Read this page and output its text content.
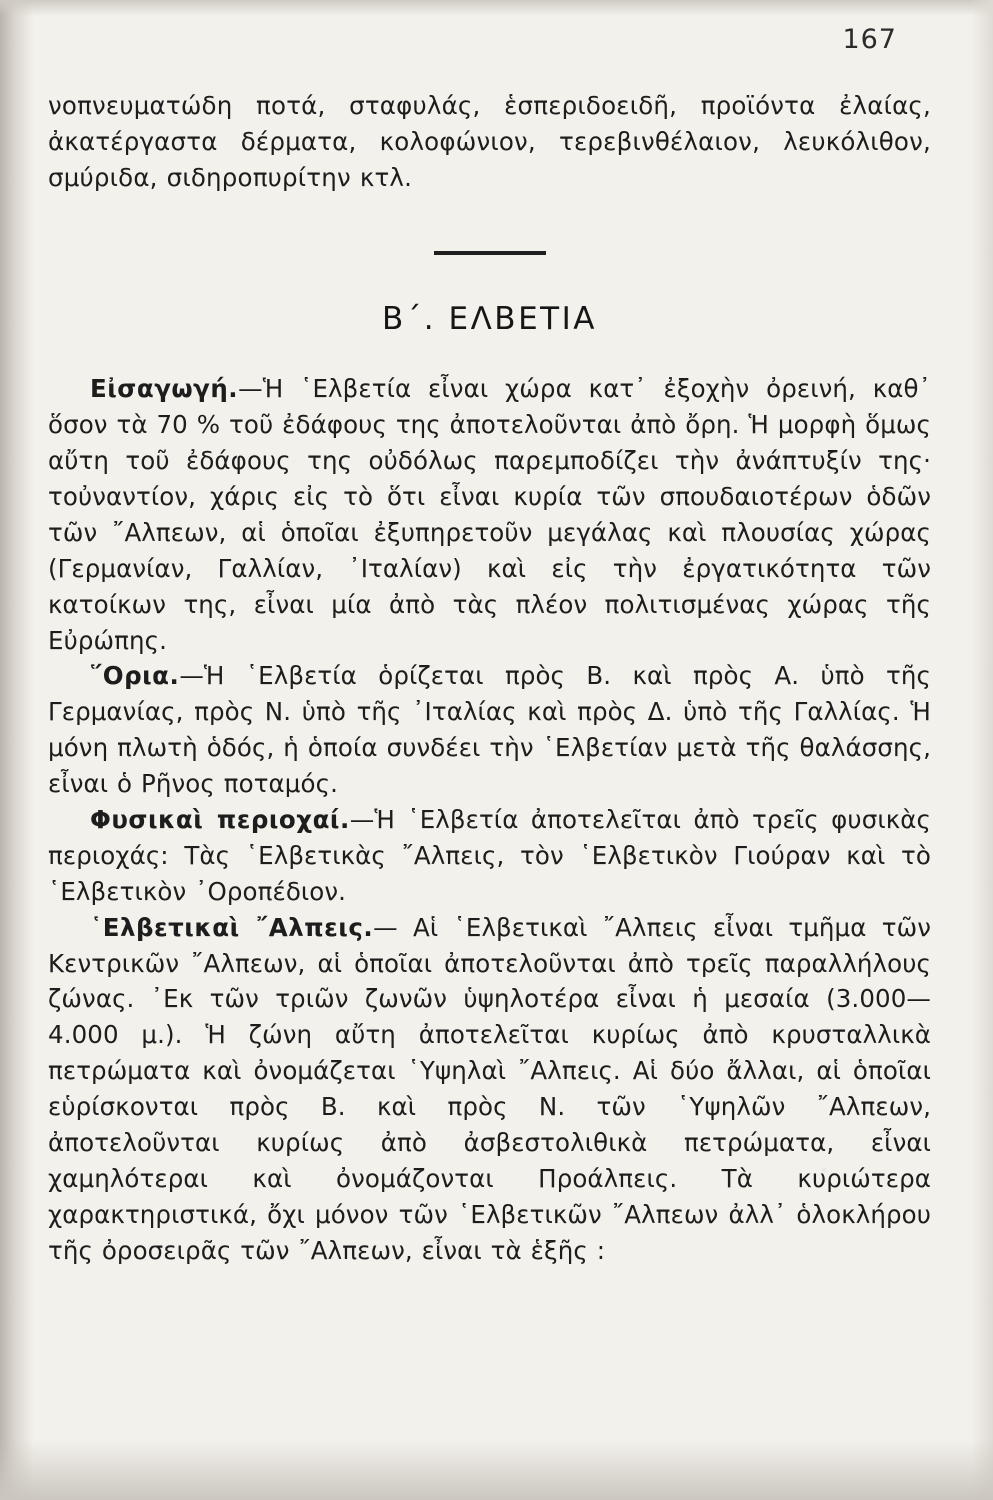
167

νοπνευματώδη ποτά, σταφυλάς, ἑσπεριδοειδῆ, προϊόντα ἐλαίας, ἀκατέργαστα δέρματα, κολοφώνιον, τερεβινθέλαιον, λευκόλιθον, σμύριδα, σιδηροπυρίτην κτλ.

Β΄. ΕΛΒΕΤΙΑ

Εἰσαγωγή.—Ἡ ῾Ελβετία εἶναι χώρα κατ᾽ ἐξοχὴν ὀρεινή, καθ᾽ ὅσον τὰ 70 % τοῦ ἐδάφους της ἀποτελοῦνται ἀπὸ ὄρη. Ἡ μορφὴ ὅμως αὔτη τοῦ ἐδάφους της οὐδόλως παρεμποδίζει τὴν ἀνάπτυξίν της· τοὐναντίον, χάρις εἰς τὸ ὅτι εἶναι κυρία τῶν σπουδαιοτέρων ὁδῶν τῶν ῎Αλπεων, αἱ ὁποῖαι ἐξυπηρετοῦν μεγάλας καὶ πλουσίας χώρας (Γερμανίαν, Γαλλίαν, ᾽Ιταλίαν) καὶ εἰς τὴν ἐργατικότητα τῶν κατοίκων της, εἶναι μία ἀπὸ τὰς πλέον πολιτισμένας χώρας τῆς Εὐρώπης.

῞Ορια.—Ἡ ῾Ελβετία ὁρίζεται πρὸς Β. καὶ πρὸς Α. ὑπὸ τῆς Γερμανίας, πρὸς Ν. ὑπὸ τῆς ᾽Ιταλίας καὶ πρὸς Δ. ὑπὸ τῆς Γαλλίας. Ἡ μόνη πλωτὴ ὁδός, ἡ ὁποία συνδέει τὴν ῾Ελβετίαν μετὰ τῆς θαλάσσης, εἶναι ὁ Ρῆνος ποταμός.

Φυσικαὶ περιοχαί.—Ἡ ῾Ελβετία ἀποτελεῖται ἀπὸ τρεῖς φυσικὰς περιοχάς: Τὰς ῾Ελβετικὰς ῎Αλπεις, τὸν ῾Ελβετικὸν Γιούραν καὶ τὸ ῾Ελβετικὸν ᾽Οροπέδιον.

῾Ελβετικαὶ ῎Αλπεις.— Αἱ ῾Ελβετικαὶ ῎Αλπεις εἶναι τμῆμα τῶν Κεντρικῶν ῎Αλπεων, αἱ ὁποῖαι ἀποτελοῦνται ἀπὸ τρεῖς παραλλήλους ζώνας. ᾽Εκ τῶν τριῶν ζωνῶν ὑψηλοτέρα εἶναι ἡ μεσαία (3.000—4.000 μ.). Ἡ ζώνη αὔτη ἀποτελεῖται κυρίως ἀπὸ κρυσταλλικὰ πετρώματα καὶ ὀνομάζεται ῾Υψηλαὶ ῎Αλπεις. Αἱ δύο ἄλλαι, αἱ ὁποῖαι εὑρίσκονται πρὸς Β. καὶ πρὸς Ν. τῶν ῾Υψηλῶν ῎Αλπεων, ἀποτελοῦνται κυρίως ἀπὸ ἀσβεστολιθικὰ πετρώματα, εἶναι χαμηλότεραι καὶ ὀνομάζονται Προάλπεις. Τὰ κυριώτερα χαρακτηριστικά, ὄχι μόνον τῶν ῾Ελβετικῶν ῎Αλπεων ἀλλ᾽ ὁλοκλήρου τῆς ὀροσειρᾶς τῶν ῎Αλπεων, εἶναι τὰ ἑξῆς :
